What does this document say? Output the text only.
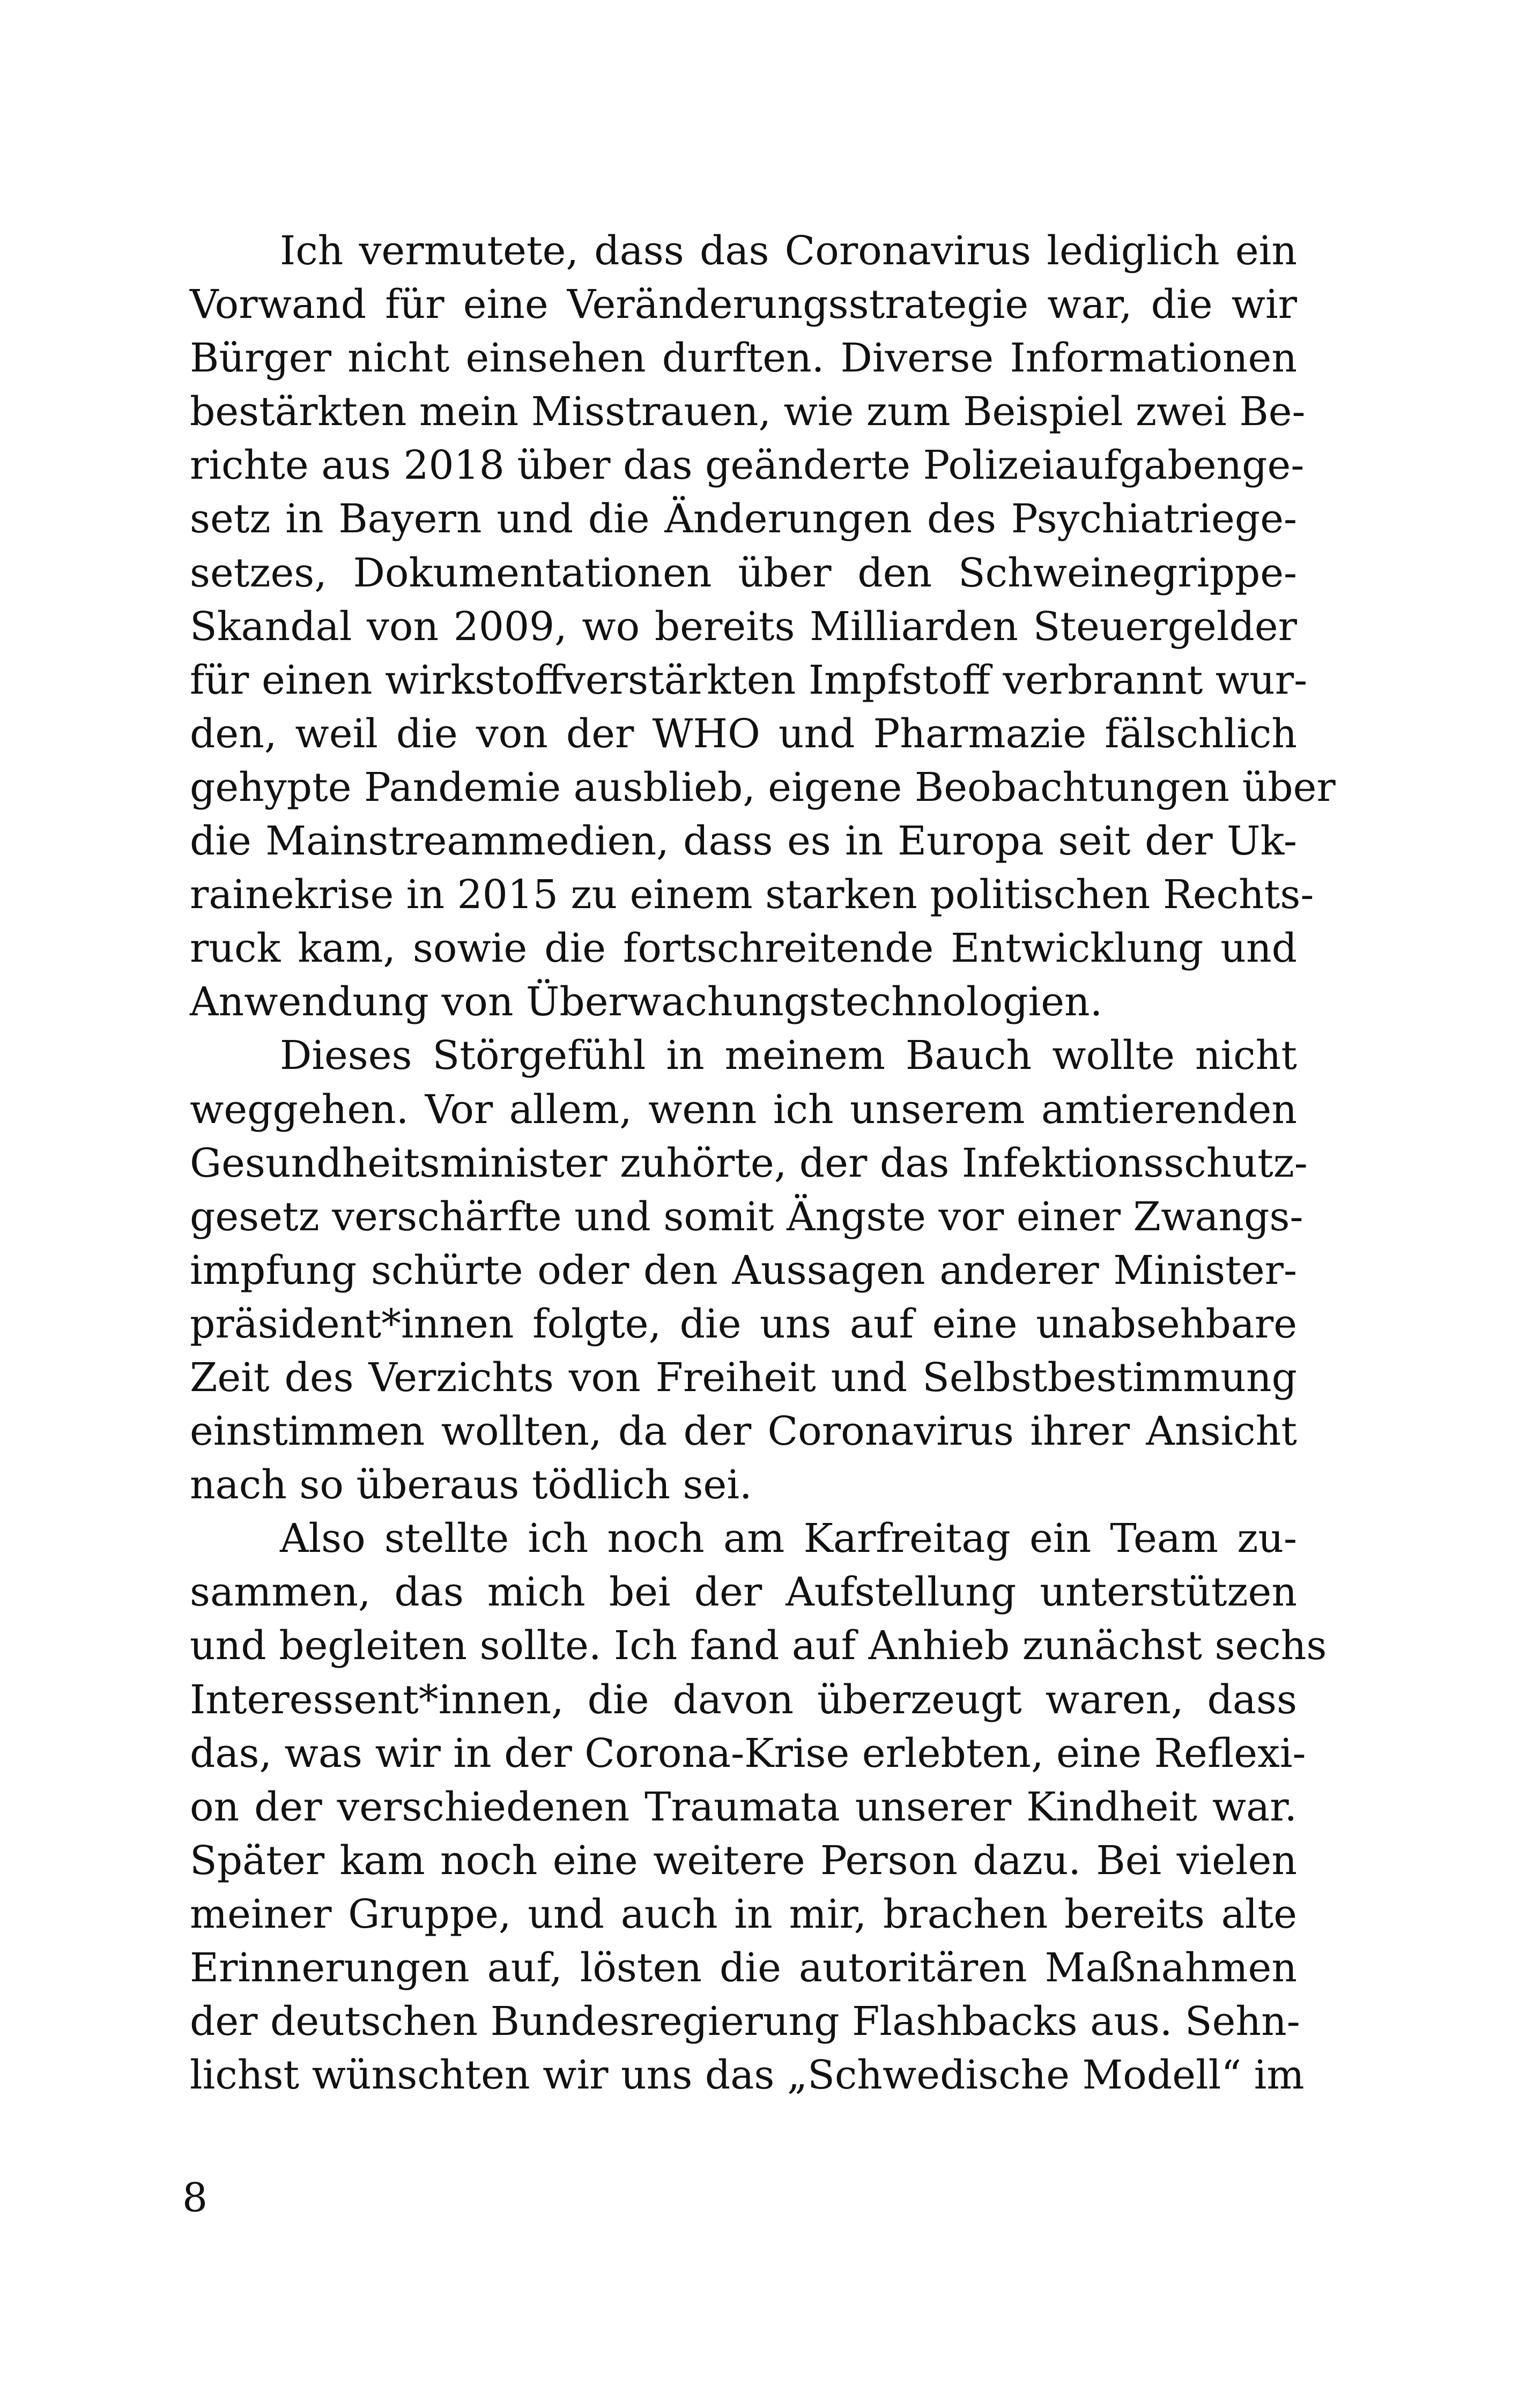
Ich vermutete, dass das Coronavirus lediglich ein
Vorwand für eine Veränderungsstrategie war, die wir
Bürger nicht einsehen durften. Diverse Informationen
bestärkten mein Misstrauen, wie zum Beispiel zwei Be-
richte aus 2018 über das geänderte Polizeiaufgabenge-
setz in Bayern und die Änderungen des Psychiatriege-
setzes, Dokumentationen über den Schweinegrippe-
Skandal von 2009, wo bereits Milliarden Steuergelder
für einen wirkstoffverstärkten Impfstoff verbrannt wur-
den, weil die von der WHO und Pharmazie fälschlich
gehypte Pandemie ausblieb, eigene Beobachtungen über
die Mainstreammedien, dass es in Europa seit der Uk-
rainekrise in 2015 zu einem starken politischen Rechts-
ruck kam, sowie die fortschreitende Entwicklung und
Anwendung von Überwachungstechnologien.
Dieses Störgefühl in meinem Bauch wollte nicht
weggehen. Vor allem, wenn ich unserem amtierenden
Gesundheitsminister zuhörte, der das Infektionsschutz-
gesetz verschärfte und somit Ängste vor einer Zwangs-
impfung schürte oder den Aussagen anderer Minister-
präsident*innen folgte, die uns auf eine unabsehbare
Zeit des Verzichts von Freiheit und Selbstbestimmung
einstimmen wollten, da der Coronavirus ihrer Ansicht
nach so überaus tödlich sei.
Also stellte ich noch am Karfreitag ein Team zu-
sammen, das mich bei der Aufstellung unterstützen
und begleiten sollte. Ich fand auf Anhieb zunächst sechs
Interessent*innen, die davon überzeugt waren, dass
das, was wir in der Corona-Krise erlebten, eine Reflexi-
on der verschiedenen Traumata unserer Kindheit war.
Später kam noch eine weitere Person dazu. Bei vielen
meiner Gruppe, und auch in mir, brachen bereits alte
Erinnerungen auf, lösten die autoritären Maßnahmen
der deutschen Bundesregierung Flashbacks aus. Sehn-
lichst wünschten wir uns das „Schwedische Modell“ im
8
